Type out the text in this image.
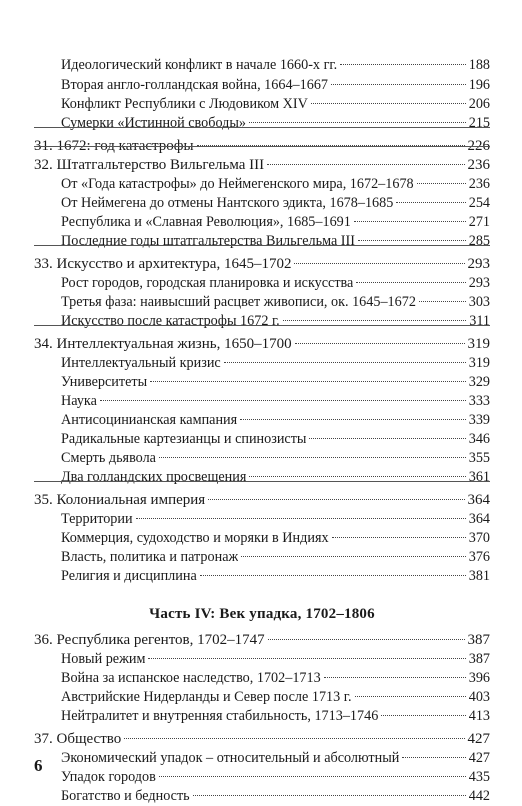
6
Идеологический конфликт в начале 1660-х гг.	188
Вторая англо-голландская война, 1664–1667	196
Конфликт Республики с Людовиком XIV	206
Сумерки «Истинной свободы»	215
31. 1672: год катастрофы	226
32. Штатгальтерство Вильгельма III	236
От «Года катастрофы» до Неймегенского мира, 1672–1678	236
От Неймегена до отмены Нантского эдикта, 1678–1685	254
Республика и «Славная Революция», 1685–1691	271
Последние годы штатгальтерства Вильгельма III	285
33. Искусство и архитектура, 1645–1702	293
Рост городов, городская планировка и искусства	293
Третья фаза: наивысший расцвет живописи, ок. 1645–1672	303
Искусство после катастрофы 1672 г.	311
34. Интеллектуальная жизнь, 1650–1700	319
Интеллектуальный кризис	319
Университеты	329
Наука	333
Антисоцинианская кампания	339
Радикальные картезианцы и спинозисты	346
Смерть дьявола	355
Два голландских просвещения	361
35. Колониальная империя	364
Территории	364
Коммерция, судоходство и моряки в Индиях	370
Власть, политика и патронаж	376
Религия и дисциплина	381
Часть IV: Век упадка, 1702–1806
36. Республика регентов, 1702–1747	387
Новый режим	387
Война за испанское наследство, 1702–1713	396
Австрийские Нидерланды и Север после 1713 г.	403
Нейтралитет и внутренняя стабильность, 1713–1746	413
37. Общество	427
Экономический упадок – относительный и абсолютный	427
Упадок городов	435
Богатство и бедность	442
